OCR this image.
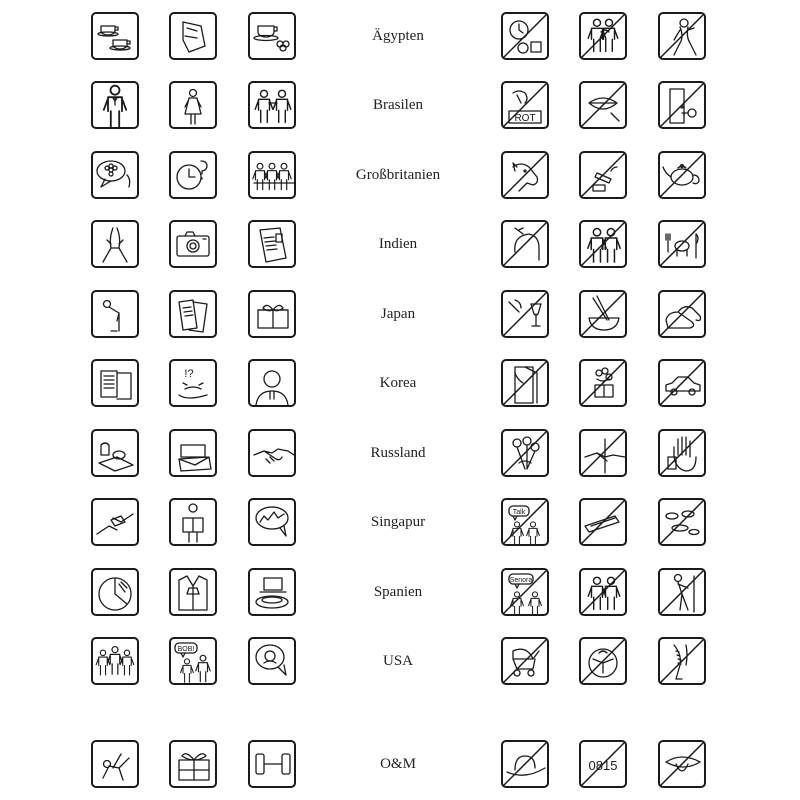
Ägypten
Brasilen
ROT
Großbritanien
Indien
Japan
!?
Korea
Russland
Singapur
Talk
Spanien
Senora
BOB!
USA
O&M	0815
